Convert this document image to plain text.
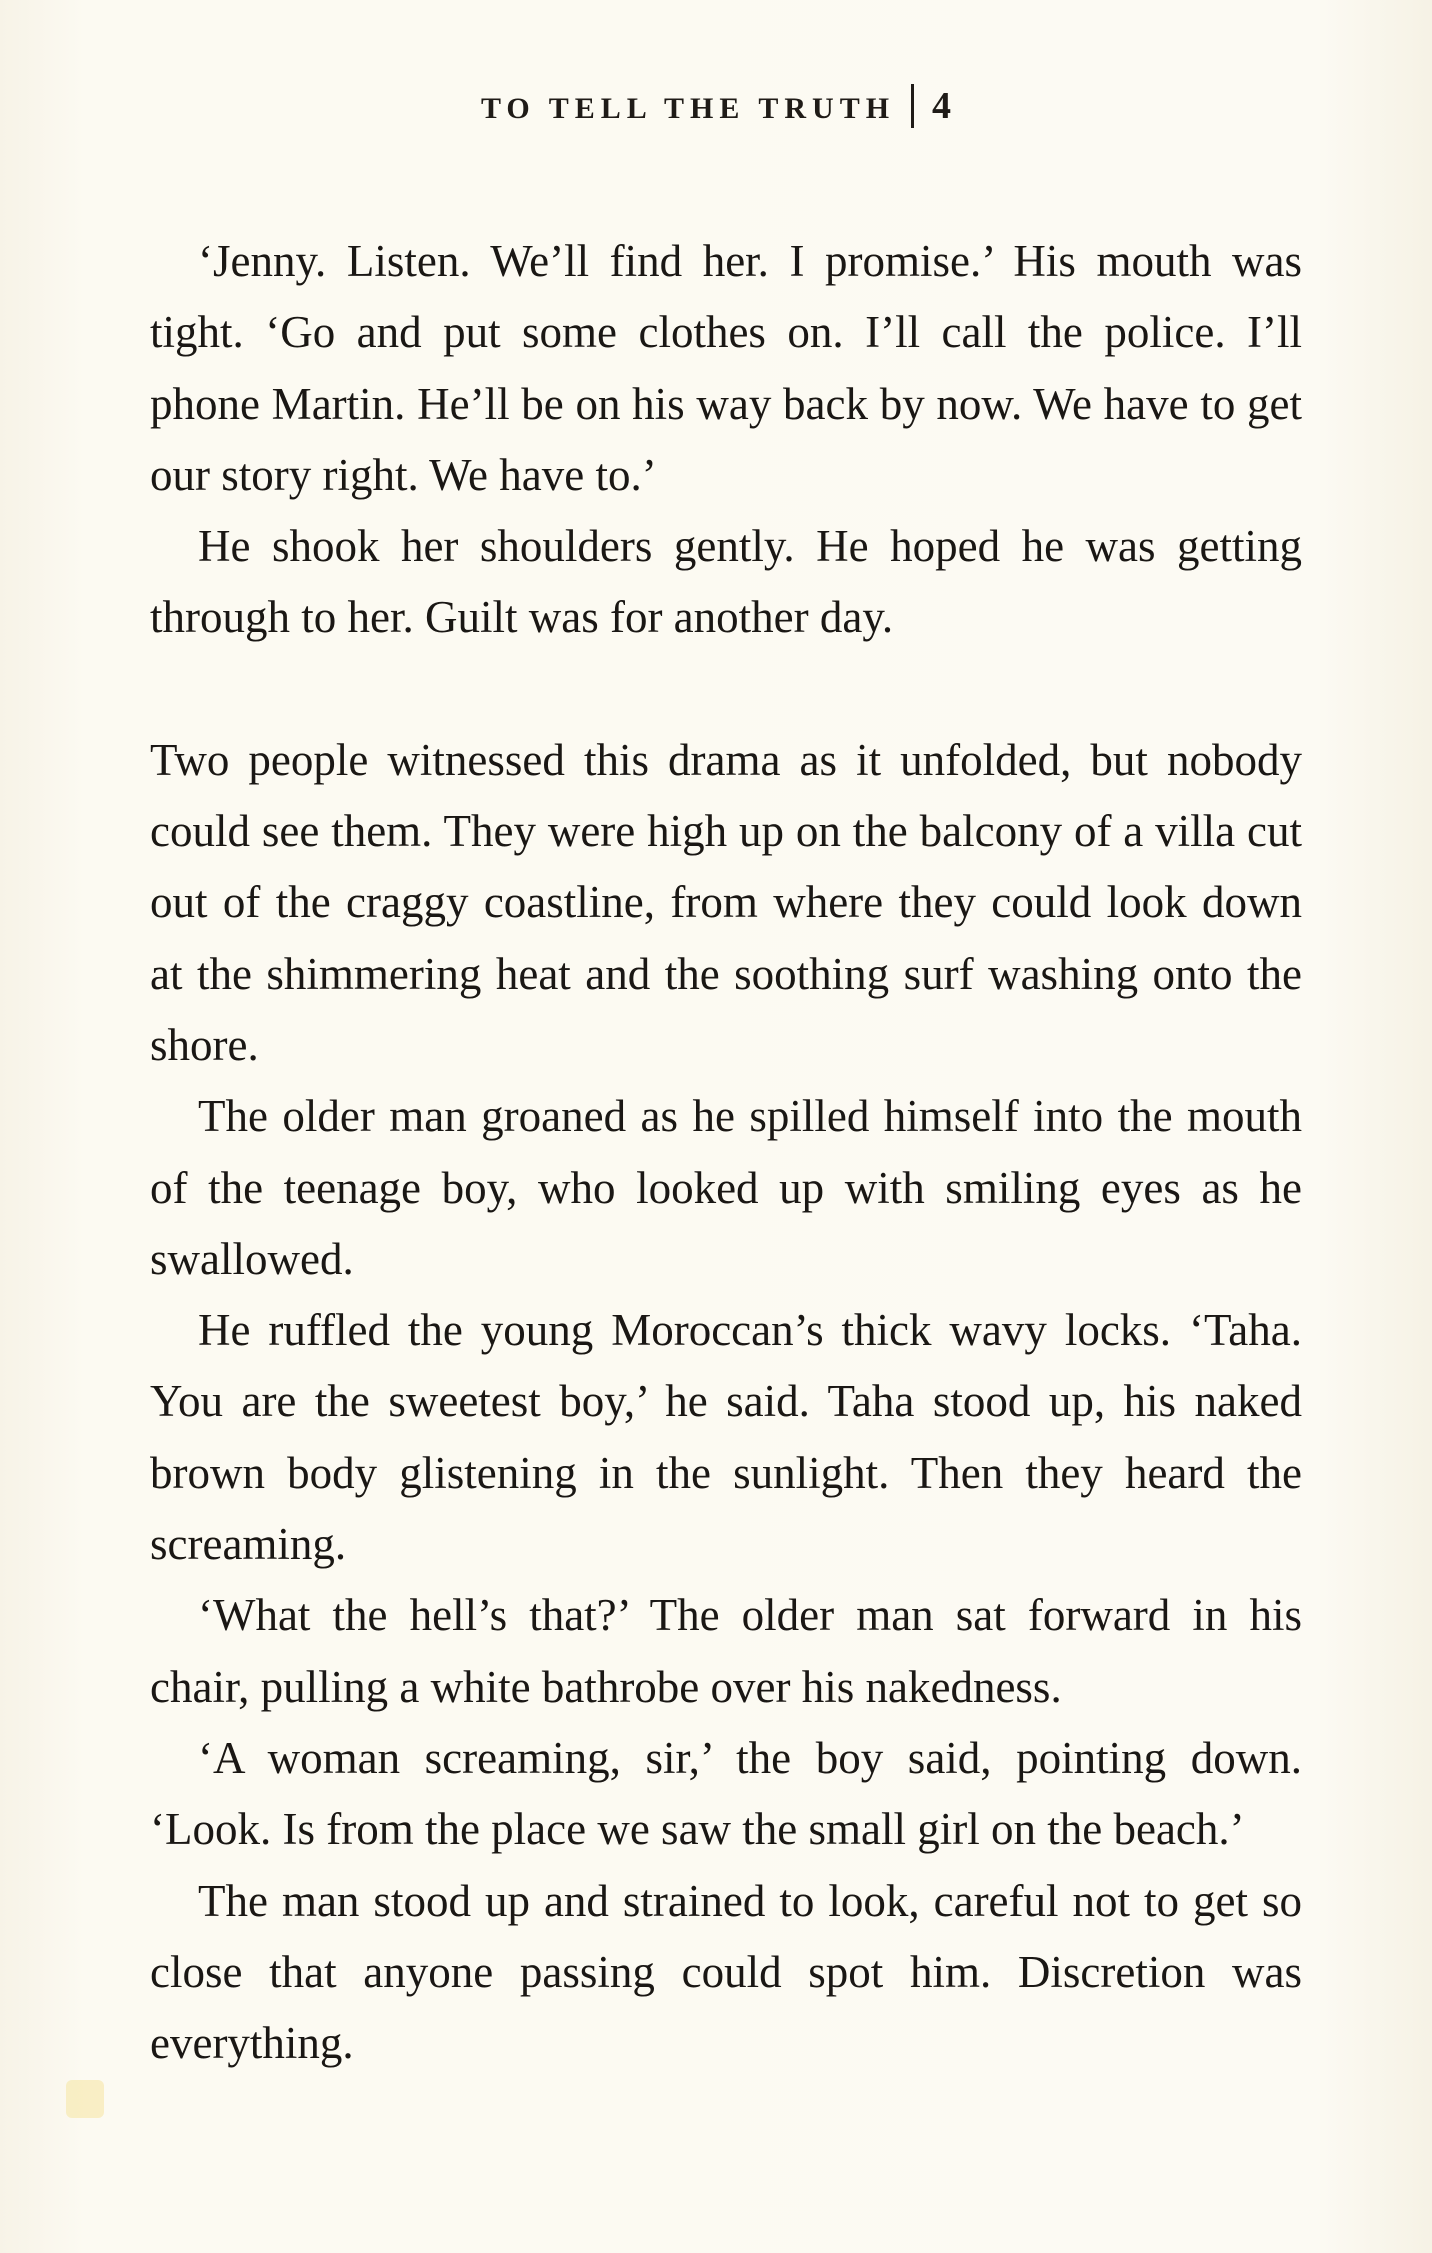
TO TELL THE TRUTH 4

‘Jenny. Listen. We’ll find her. I promise.’ His mouth was tight. ‘Go and put some clothes on. I’ll call the police. I’ll phone Martin. He’ll be on his way back by now. We have to get our story right. We have to.’

He shook her shoulders gently. He hoped he was getting through to her. Guilt was for another day.

Two people witnessed this drama as it unfolded, but nobody could see them. They were high up on the balcony of a villa cut out of the craggy coastline, from where they could look down at the shimmering heat and the soothing surf washing onto the shore.

The older man groaned as he spilled himself into the mouth of the teenage boy, who looked up with smiling eyes as he swallowed.

He ruffled the young Moroccan’s thick wavy locks. ‘Taha. You are the sweetest boy,’ he said. Taha stood up, his naked brown body glistening in the sunlight. Then they heard the screaming.

‘What the hell’s that?’ The older man sat forward in his chair, pulling a white bathrobe over his nakedness.

‘A woman screaming, sir,’ the boy said, pointing down. ‘Look. Is from the place we saw the small girl on the beach.’

The man stood up and strained to look, careful not to get so close that anyone passing could spot him. Discretion was everything.
